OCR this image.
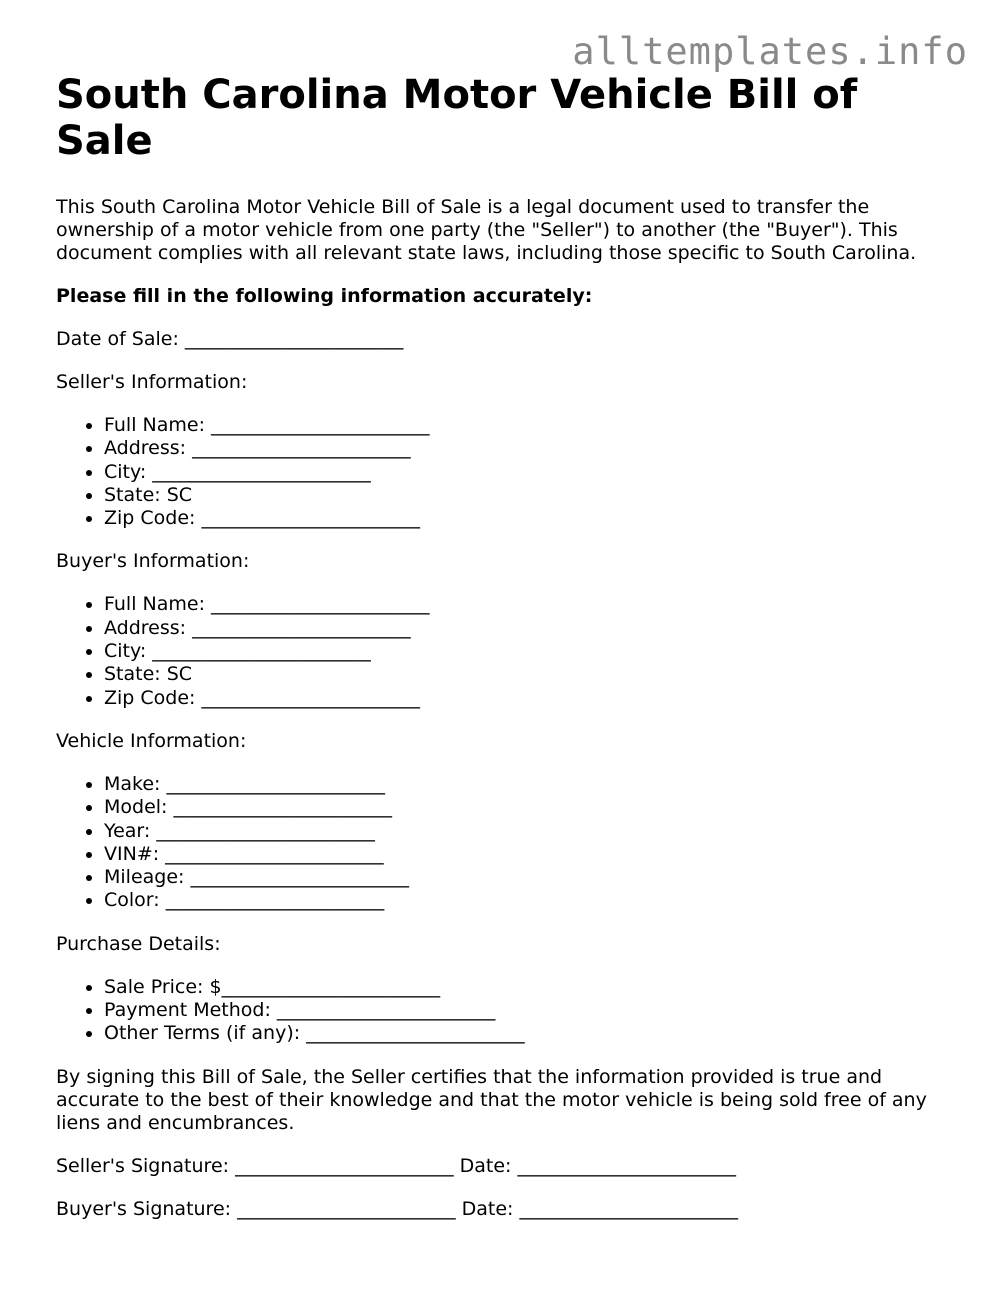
alltemplates.info
South Carolina Motor Vehicle Bill of Sale

This South Carolina Motor Vehicle Bill of Sale is a legal document used to transfer the ownership of a motor vehicle from one party (the "Seller") to another (the "Buyer"). This document complies with all relevant state laws, including those specific to South Carolina.

Please fill in the following information accurately:

Date of Sale: _______________________

Seller's Information:

• Full Name: _______________________
• Address: _______________________
• City: _______________________
• State: SC
• Zip Code: _______________________

Buyer's Information:

• Full Name: _______________________
• Address: _______________________
• City: _______________________
• State: SC
• Zip Code: _______________________

Vehicle Information:

• Make: _______________________
• Model: _______________________
• Year: _______________________
• VIN#: _______________________
• Mileage: _______________________
• Color: _______________________

Purchase Details:

• Sale Price: $_______________________
• Payment Method: _______________________
• Other Terms (if any): _______________________

By signing this Bill of Sale, the Seller certifies that the information provided is true and accurate to the best of their knowledge and that the motor vehicle is being sold free of any liens and encumbrances.

Seller's Signature: _______________________ Date: _______________________

Buyer's Signature: _______________________ Date: _______________________
